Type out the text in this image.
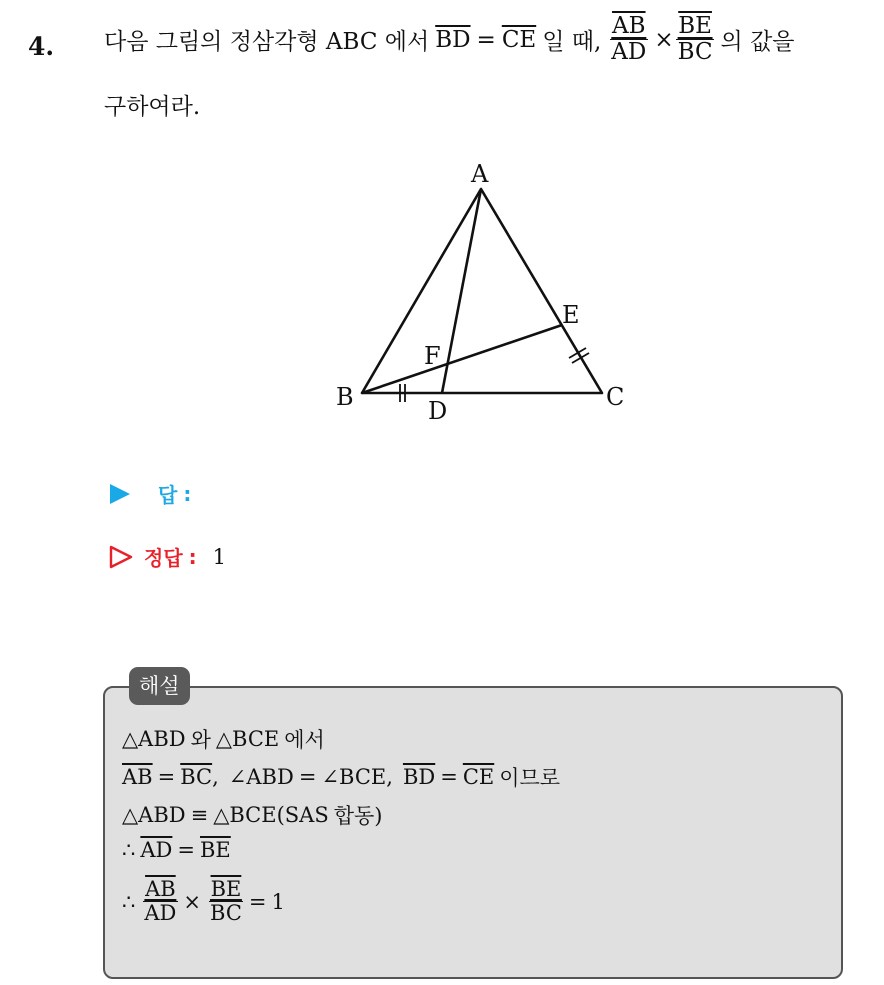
4. 다음 그림의 정삼각형 ABC 에서 $\overline{BD} = \overline{CE}$ 일 때, $\frac{\overline{AB}}{AD} \times \frac{\overline{BE}}{BC}$ 의 값을
구하여라.
A
B	C
D
E
F
답 :
정답 : 1
해설
△ABD 와 △BCE 에서
$\overline{AB} = \overline{BC}$ , ∠ABD = ∠BCE, $\overline{BD} = \overline{CE}$ 이므로
△ABD ≡ △BCE(SAS 합동)
∴ $\overline{AD} = \overline{BE}$
∴ $\frac{\overline{AB}}{AD} \times \frac{\overline{BE}}{BC} = 1$
